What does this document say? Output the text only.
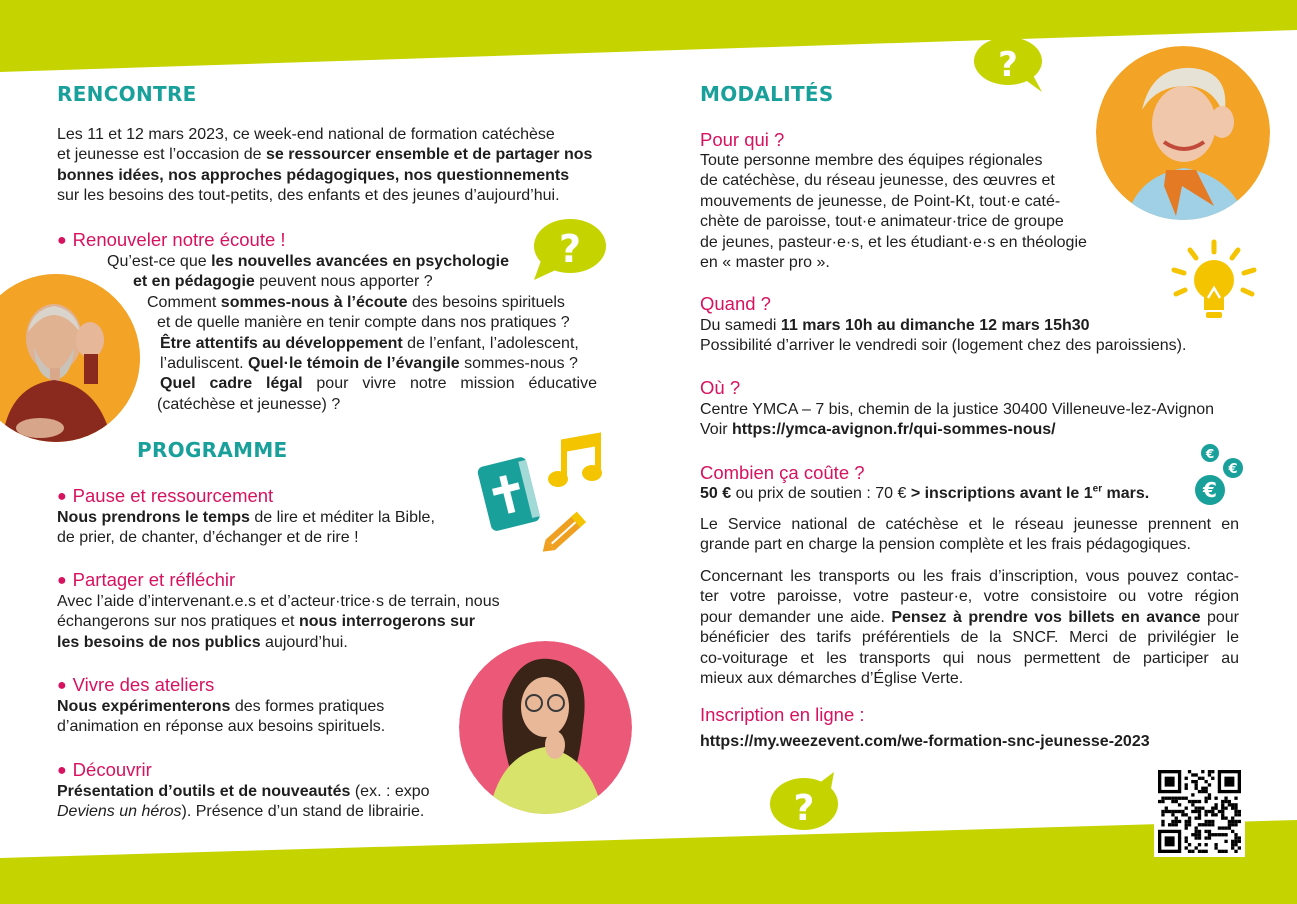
RENCONTRE
Les 11 et 12 mars 2023, ce week-end national de formation catéchèse
et jeunesse est l’occasion de se ressourcer ensemble et de partager nos
bonnes idées, nos approches pédagogiques, nos questionnements
sur les besoins des tout-petits, des enfants et des jeunes d’aujourd’hui.
● Renouveler notre écoute !	?
Qu’est-ce que les nouvelles avancées en psychologie
et en pédagogie peuvent nous apporter ?
Comment sommes-nous à l’écoute des besoins spirituels
et de quelle manière en tenir compte dans nos pratiques ?
Être attentifs au développement de l’enfant, l’adolescent,
l’aduliscent. Quel·le témoin de l’évangile sommes-nous ?
Quel cadre légal pour vivre notre mission éducative
(catéchèse et jeunesse) ?
PROGRAMME
● Pause et ressourcement
Nous prendrons le temps de lire et méditer la Bible,
de prier, de chanter, d’échanger et de rire !
● Partager et réfléchir
Avec l’aide d’intervenant.e.s et d’acteur·trice·s de terrain, nous
échangerons sur nos pratiques et nous interrogerons sur
les besoins de nos publics aujourd’hui.
● Vivre des ateliers
Nous expérimenterons des formes pratiques
d’animation en réponse aux besoins spirituels.
● Découvrir
Présentation d’outils et de nouveautés (ex. : expo
Deviens un héros). Présence d’un stand de librairie.
MODALITÉS
?
Pour qui ?
Toute personne membre des équipes régionales
de catéchèse, du réseau jeunesse, des œuvres et
mouvements de jeunesse, de Point-Kt, tout·e caté-
chète de paroisse, tout·e animateur·trice de groupe
de jeunes, pasteur·e·s, et les étudiant·e·s en théologie
en « master pro ».
Quand ?
Du samedi 11 mars 10h au dimanche 12 mars 15h30
Possibilité d’arriver le vendredi soir (logement chez des paroissiens).
Où ?
Centre YMCA – 7 bis, chemin de la justice 30400 Villeneuve-lez-Avignon
Voir https://ymca-avignon.fr/qui-sommes-nous/
€
€
€
Combien ça coûte ?
50 € ou prix de soutien : 70 € > inscriptions avant le 1er mars.
Le Service national de catéchèse et le réseau jeunesse prennent en
grande part en charge la pension complète et les frais pédagogiques.
Concernant les transports ou les frais d’inscription, vous pouvez contac-
ter votre paroisse, votre pasteur·e, votre consistoire ou votre région
pour demander une aide. Pensez à prendre vos billets en avance pour
bénéficier des tarifs préférentiels de la SNCF. Merci de privilégier le
co-voiturage et les transports qui nous permettent de participer au
mieux aux démarches d’Église Verte.
Inscription en ligne :
https://my.weezevent.com/we-formation-snc-jeunesse-2023
?
